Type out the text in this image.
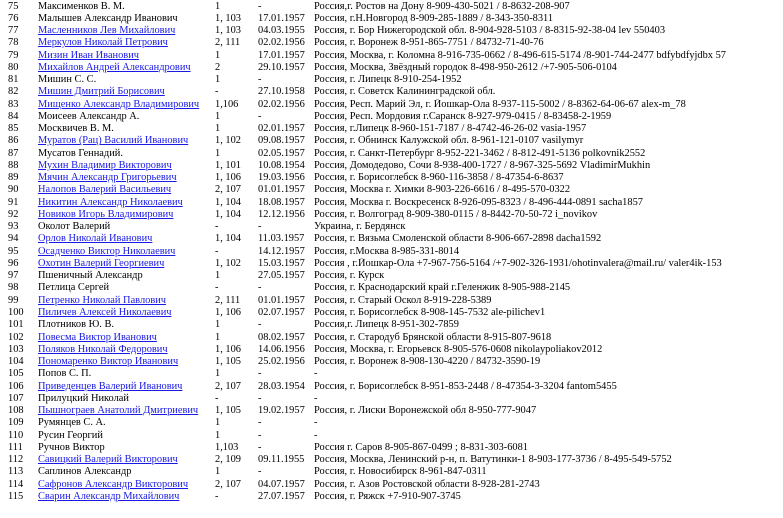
75	Максименков В. М.	1	-	Россия,г. Ростов на Дону 8-909-430-5021 / 8-8632-208-907
76	Малышев Александр Иванович	1, 103	17.01.1957 Россия, г.Н.Новгород 8-909-285-1889 / 8-343-350-8311
77	Масленников Лев Михайлович	1, 103	04.03.1955 Россия, г. Бор Нижегородской обл. 8-904-928-5103 / 8-8315-92-38-04 lev 550403
78	Меркулов Николай Петрович	2, 111	02.02.1956 Россия, г. Воронеж 8-951-865-7751 / 84732-71-40-76
79	Мизин Иван Иванович	1	17.01.1957 Россия, Москва, г. Коломна 8-916-735-0662 / 8-496-615-5174 /8-901-744-2477 bdfybdfyjdbx 57
80	Михайлов Андрей Александрович	2	29.10.1957 Россия, Москва, Звёздный городок 8-498-950-2612 /+7-905-506-0104
81	Мишин С. С.	1	-	Россия, г. Липецк 8-910-254-1952
82	Мишин Дмитрий Борисович	-	27.10.1958 Россия, г. Советск Калининградской обл.
83	Мищенко Александр Владимирович	1,106	02.02.1956 Россия, Респ. Марий Эл, г. Йошкар-Ола 8-937-115-5002 / 8-8362-64-06-67 alex-m_78
84	Моисеев Александр А.	1	-	Россия, Респ. Мордовия г.Саранск 8-927-979-0415 / 8-83458-2-1959
85	Москвичев В. М.	1	02.01.1957 Россия, г.Липецк 8-960-151-7187 / 8-4742-46-26-02 vasia-1957
86	Муратов (Рац) Василий Иванович	1, 102	09.08.1957 Россия, г. Обнинск Калужской обл. 8-961-121-0107 vasilymyr
87	Мусатов Геннадий.	1	02.05.1957 Россия, г. Санкт-Петербург 8-952-221-3462 / 8-812-491-5136 polkovnik2552
88	Мухин Владимир Викторович	1, 101	10.08.1954 Россия, Домодедово, Сочи 8-938-400-1727 / 8-967-325-5692 VladimirMukhin
89	Мячин Александр Григорьевич	1, 106	19.03.1956 Россия, г. Борисоглебск 8-960-116-3858 / 8-47354-6-8637
90	Налопов Валерий Васильевич	2, 107	01.01.1957 Россия, Москва г. Химки 8-903-226-6616 / 8-495-570-0322
91	Никитин Александр Николаевич	1, 104	18.08.1957 Россия, Москва г. Воскресенск 8-926-095-8323 / 8-496-444-0891 sacha1857
92	Новиков Игорь Владимирович	1, 104	12.12.1956 Россия, г. Волгоград 8-909-380-0115 / 8-8442-70-50-72 i_novikov
93	Околот Валерий	-	-	Украина, г. Бердянск
94	Орлов Николай Иванович	1, 104	11.03.1957 Россия, г. Вязьма Смоленской области 8-906-667-2898 dacha1592
95	Осадченко Виктор Николаевич	-	14.12.1957 Россия, г.Москва 8-985-331-8014
96	Охотин Валерий Георгиевич	1, 102	15.03.1957 Россия , г.Йошкар-Ола +7-967-756-5164 /+7-902-326-1931/ohotinvalera@mail.ru/ valer4ik-153
97	Пшеничный Александр	1	27.05.1957 Россия, г. Курск
98	Петлица Сергей	-	-	Россия, г. Краснодарский край г.Геленжик 8-905-988-2145
99	Петренко Николай Павлович	2, 111	01.01.1957 Россия, г. Старый Оскол 8-919-228-5389
100	Пиличев Алексей Николаевич	1, 106	02.07.1957 Россия, г. Борисоглебск 8-908-145-7532 ale-pilichev1
101	Плотников Ю. В.	1	-	Россия,г. Липецк 8-951-302-7859
102	Повесма Виктор Иванович	1	08.02.1957 Россия, г. Стародуб Брянской области 8-915-807-9618
103	Поляков Николай Федорович	1, 106	14.06.1956 Россия, Москва, г. Егорьевск 8-905-576-0608 nikolaypoliakov2012
104	Пономаренко Виктор Иванович	1, 105	25.02.1956 Россия, г. Воронеж 8-908-130-4220 / 84732-3590-19
105	Попов С. П.	1	-	-
106	Приведенцев Валерий Иванович	2, 107	28.03.1954 Россия, г. Борисоглебск 8-951-853-2448 / 8-47354-3-3204 fantom5455
107	Прилуцкий Николай	-	-	-
108	Пышнограев Анатолий Дмитриевич	1, 105	19.02.1957 Россия, г. Лиски Воронежской обл 8-950-777-9047
109	Румянцев С. А.	1	-	-
110	Русин Георгий	1	-	-
111	Ручнов Виктор	1,103	-	Россия г. Саров 8-905-867-0499 ; 8-831-303-6081
112	Савицкий Валерий Викторович	2, 109	09.11.1955 Россия, Москва, Ленинский р-н, п. Ватутинки-1 8-903-177-3736 / 8-495-549-5752
113	Саплинов Александр	1	-	Россия, г. Новосибирск 8-961-847-0311
114	Сафронов Александр Викторович	2, 107	04.07.1957 Россия, г. Азов Ростовской области 8-928-281-2743
115	Сварин Александр Михайлович	-	27.07.1957 Россия, г. Ряжск +7-910-907-3745
